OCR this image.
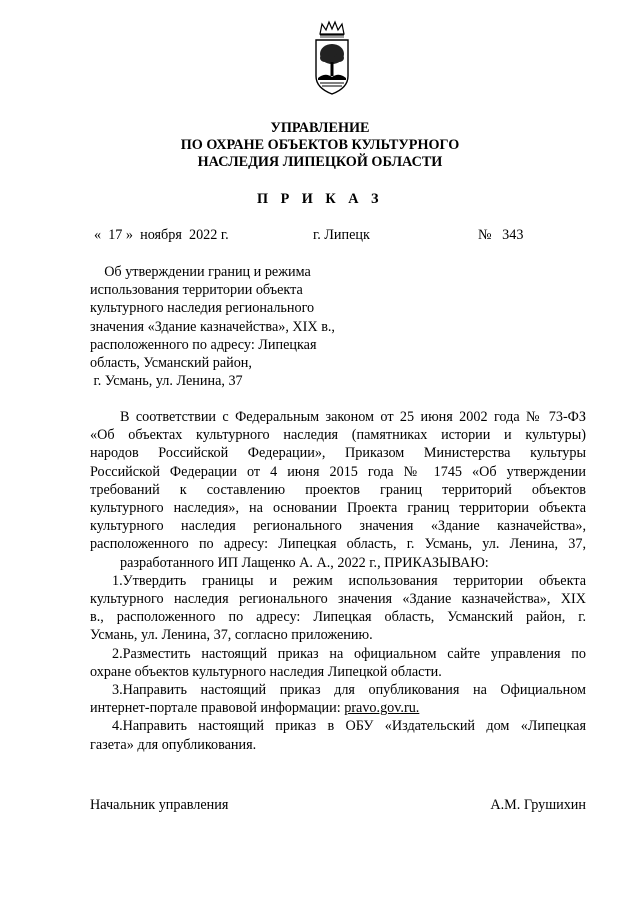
УПРАВЛЕНИЕ
ПО ОХРАНЕ ОБЪЕКТОВ КУЛЬТУРНОГО
НАСЛЕДИЯ ЛИПЕЦКОЙ ОБЛАСТИ
П Р И К А З
«  17 »  ноября  2022 г.	г. Липецк	№   343
Об утверждении границ и режима
использования территории объекта
культурного наследия регионального
значения «Здание казначейства», XIX в.,
расположенного по адресу: Липецкая
область, Усманский район,
г. Усмань, ул. Ленина, 37
В соответствии с Федеральным законом от 25 июня 2002 года № 73-ФЗ
«Об объектах культурного наследия (памятниках истории и культуры)
народов Российской Федерации», Приказом Министерства культуры
Российской Федерации от 4 июня 2015 года № 1745 «Об утверждении
требований к составлению проектов границ территорий объектов
культурного наследия», на основании Проекта границ территории объекта
культурного наследия регионального значения «Здание казначейства»,
расположенного по адресу: Липецкая область, г. Усмань, ул. Ленина, 37,
разработанного ИП Лащенко А. А., 2022 г., ПРИКАЗЫВАЮ:
1.Утвердить границы и режим использования территории объекта
культурного наследия регионального значения «Здание казначейства», XIX
в., расположенного по адресу: Липецкая область, Усманский район, г.
Усмань, ул. Ленина, 37, согласно приложению.
2.Разместить настоящий приказ на официальном сайте управления по
охране объектов культурного наследия Липецкой области.
3.Направить настоящий приказ для опубликования на Официальном
интернет-портале правовой информации: pravo.gov.ru.
4.Направить настоящий приказ в ОБУ «Издательский дом «Липецкая
газета» для опубликования.
Начальник управления	А.М. Грушихин
